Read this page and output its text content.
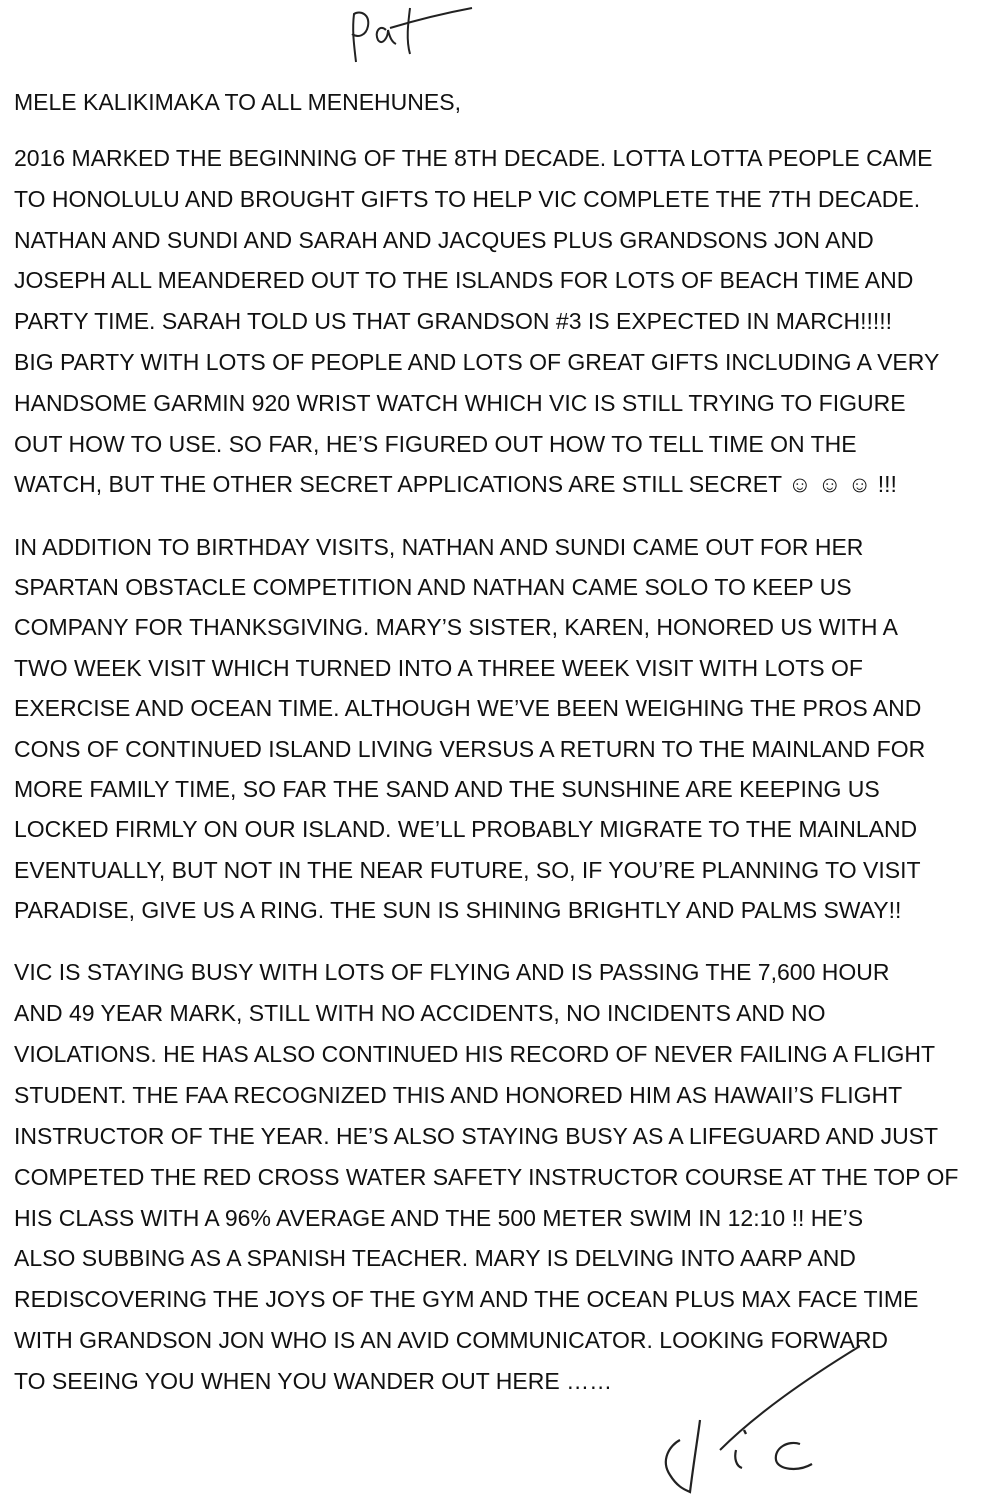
MELE KALIKIMAKA TO ALL MENEHUNES,
2016 MARKED THE BEGINNING OF THE 8TH DECADE. LOTTA LOTTA PEOPLE CAME
TO HONOLULU AND BROUGHT GIFTS TO HELP VIC COMPLETE THE 7TH DECADE.
NATHAN AND SUNDI AND SARAH AND JACQUES PLUS GRANDSONS JON AND
JOSEPH ALL MEANDERED OUT TO THE ISLANDS FOR LOTS OF BEACH TIME AND
PARTY TIME. SARAH TOLD US THAT GRANDSON #3 IS EXPECTED IN MARCH!!!!!
BIG PARTY WITH LOTS OF PEOPLE AND LOTS OF GREAT GIFTS INCLUDING A VERY
HANDSOME GARMIN 920 WRIST WATCH WHICH VIC IS STILL TRYING TO FIGURE
OUT HOW TO USE. SO FAR, HE’S FIGURED OUT HOW TO TELL TIME ON THE
WATCH, BUT THE OTHER SECRET APPLICATIONS ARE STILL SECRET ☺ ☺ ☺ !!!
IN ADDITION TO BIRTHDAY VISITS, NATHAN AND SUNDI CAME OUT FOR HER
SPARTAN OBSTACLE COMPETITION AND NATHAN CAME SOLO TO KEEP US
COMPANY FOR THANKSGIVING. MARY’S SISTER, KAREN, HONORED US WITH A
TWO WEEK VISIT WHICH TURNED INTO A THREE WEEK VISIT WITH LOTS OF
EXERCISE AND OCEAN TIME. ALTHOUGH WE’VE BEEN WEIGHING THE PROS AND
CONS OF CONTINUED ISLAND LIVING VERSUS A RETURN TO THE MAINLAND FOR
MORE FAMILY TIME, SO FAR THE SAND AND THE SUNSHINE ARE KEEPING US
LOCKED FIRMLY ON OUR ISLAND. WE’LL PROBABLY MIGRATE TO THE MAINLAND
EVENTUALLY, BUT NOT IN THE NEAR FUTURE, SO, IF YOU’RE PLANNING TO VISIT
PARADISE, GIVE US A RING. THE SUN IS SHINING BRIGHTLY AND PALMS SWAY!!
VIC IS STAYING BUSY WITH LOTS OF FLYING AND IS PASSING THE 7,600 HOUR
AND 49 YEAR MARK, STILL WITH NO ACCIDENTS, NO INCIDENTS AND NO
VIOLATIONS. HE HAS ALSO CONTINUED HIS RECORD OF NEVER FAILING A FLIGHT
STUDENT. THE FAA RECOGNIZED THIS AND HONORED HIM AS HAWAII’S FLIGHT
INSTRUCTOR OF THE YEAR. HE’S ALSO STAYING BUSY AS A LIFEGUARD AND JUST
COMPETED THE RED CROSS WATER SAFETY INSTRUCTOR COURSE AT THE TOP OF
HIS CLASS WITH A 96% AVERAGE AND THE 500 METER SWIM IN 12:10 !! HE’S
ALSO SUBBING AS A SPANISH TEACHER. MARY IS DELVING INTO AARP AND
REDISCOVERING THE JOYS OF THE GYM AND THE OCEAN PLUS MAX FACE TIME
WITH GRANDSON JON WHO IS AN AVID COMMUNICATOR. LOOKING FORWARD
TO SEEING YOU WHEN YOU WANDER OUT HERE ……
